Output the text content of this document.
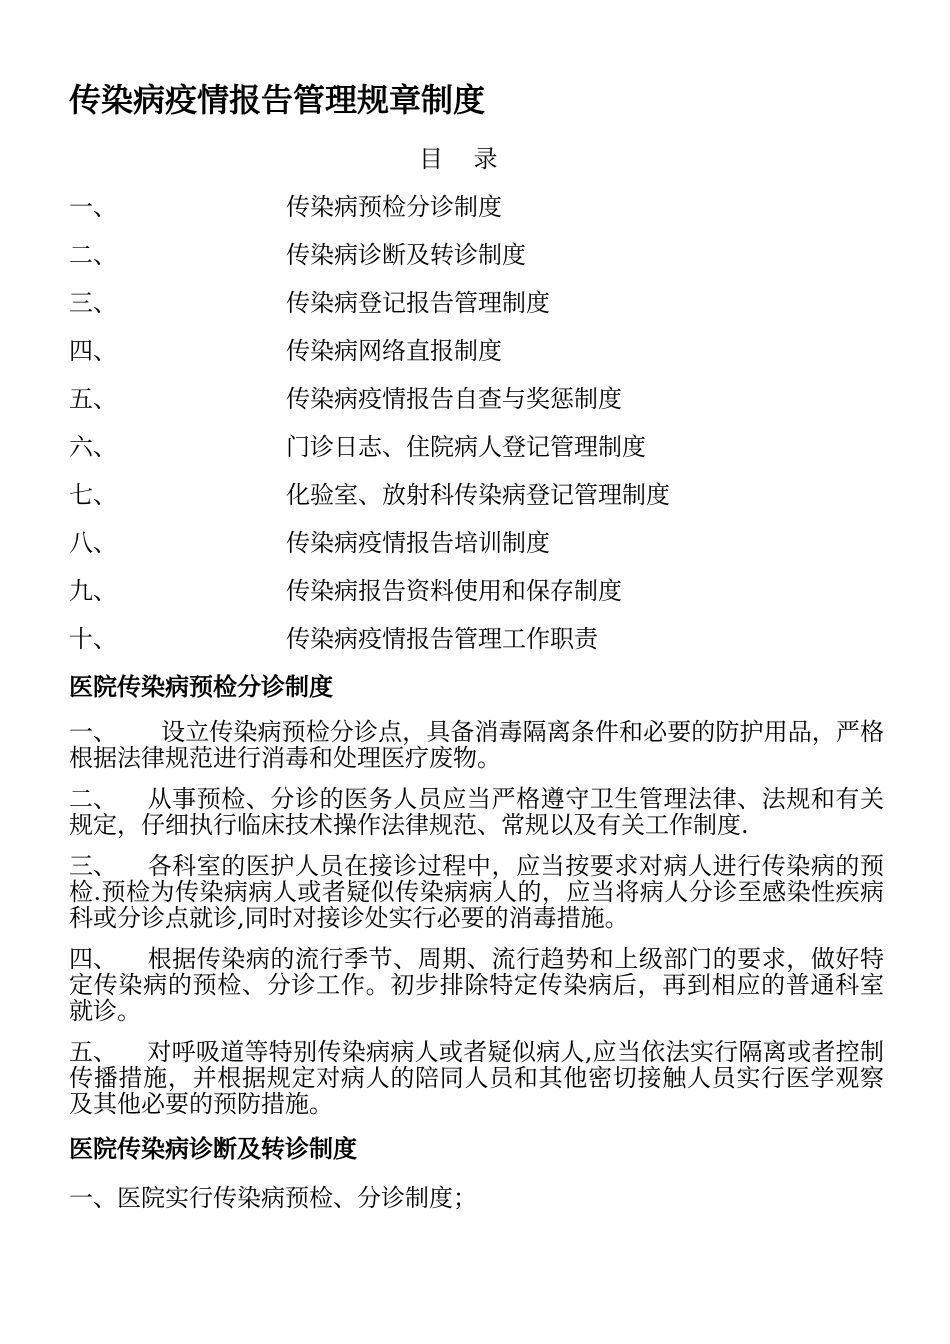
传染病疫情报告管理规章制度
目    录
一、	传染病预检分诊制度
二、	传染病诊断及转诊制度
三、	传染病登记报告管理制度
四、	传染病网络直报制度
五、	传染病疫情报告自查与奖惩制度
六、	门诊日志、住院病人登记管理制度
七、	化验室、放射科传染病登记管理制度
八、	传染病疫情报告培训制度
九、	传染病报告资料使用和保存制度
十、	传染病疫情报告管理工作职责
医院传染病预检分诊制度

一、 设立传染病预检分诊点，具备消毒隔离条件和必要的防护用品，严格根据法律规范进行消毒和处理医疗废物。

二、 从事预检、分诊的医务人员应当严格遵守卫生管理法律、法规和有关规定，仔细执行临床技术操作法律规范、常规以及有关工作制度.

三、 各科室的医护人员在接诊过程中，应当按要求对病人进行传染病的预检.预检为传染病病人或者疑似传染病病人的，应当将病人分诊至感染性疾病科或分诊点就诊,同时对接诊处实行必要的消毒措施。

四、 根据传染病的流行季节、周期、流行趋势和上级部门的要求，做好特定传染病的预检、分诊工作。初步排除特定传染病后，再到相应的普通科室就诊。

五、 对呼吸道等特别传染病病人或者疑似病人,应当依法实行隔离或者控制传播措施，并根据规定对病人的陪同人员和其他密切接触人员实行医学观察及其他必要的预防措施。

医院传染病诊断及转诊制度

一、医院实行传染病预检、分诊制度；
